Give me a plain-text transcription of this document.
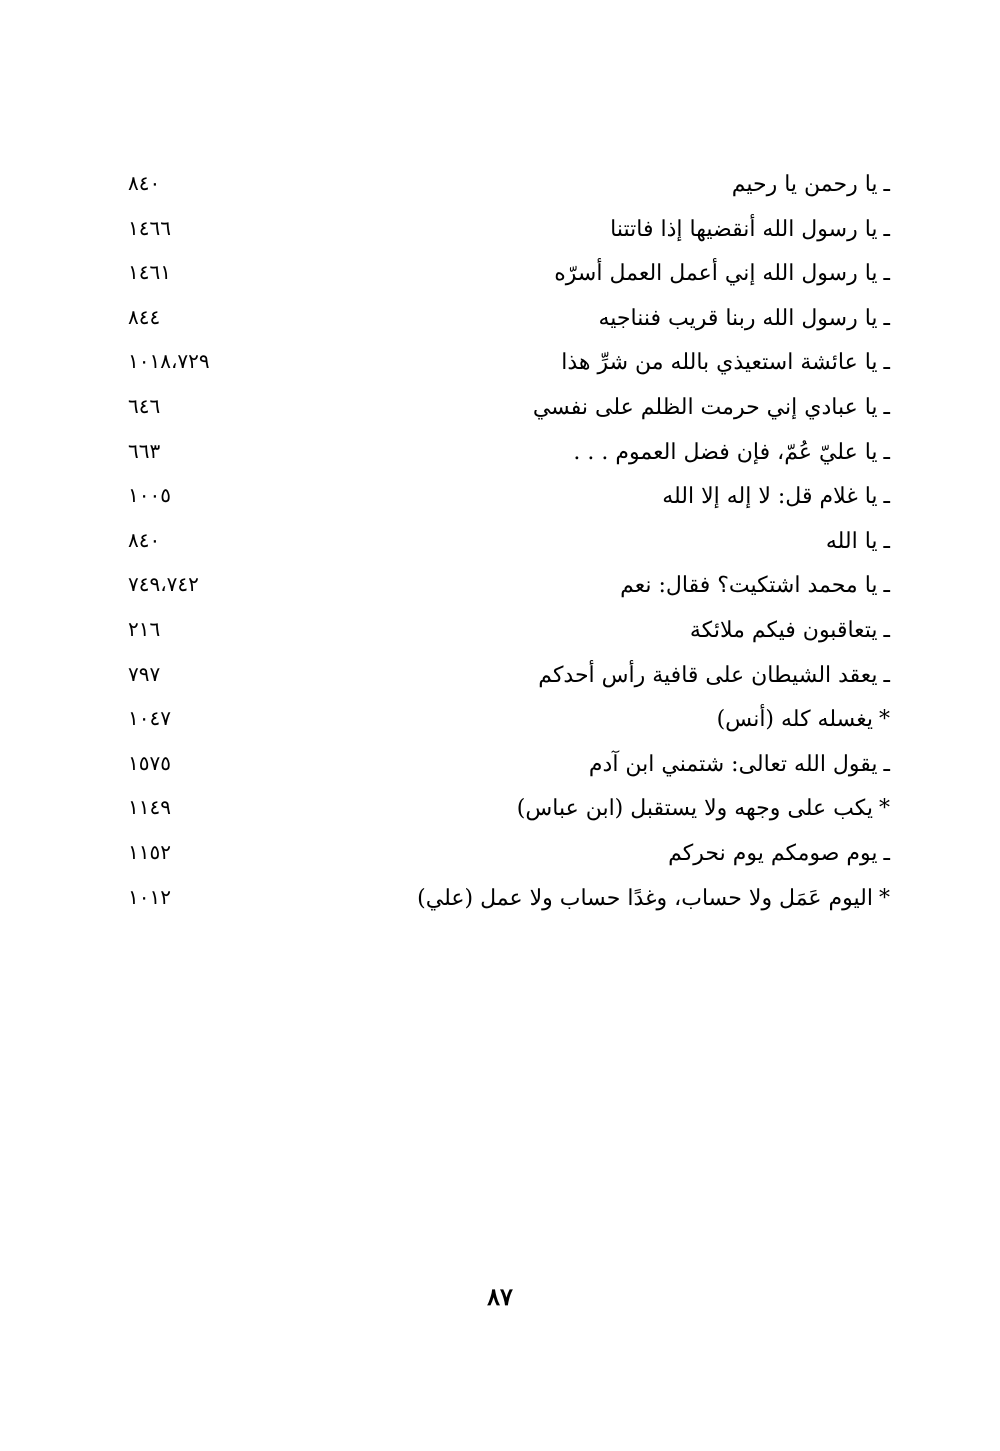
ـيا رحمن يا رحيم
٨٤٠
ـيا رسول الله أنقضيها إذا فاتتنا
١٤٦٦
ـيا رسول الله إني أعمل العمل أسرّه
١٤٦١
ـيا رسول الله ربنا قريب فنناجيه
٨٤٤
ـيا عائشة استعيذي بالله من شرِّ هذا
١٠١٨،٧٢٩
ـيا عبادي إني حرمت الظلم على نفسي
٦٤٦
ـيا عليّ عُمّ، فإن فضل العموم . . .
٦٦٣
ـيا غلام قل: لا إله إلا الله
١٠٠٥
ـيا الله
٨٤٠
ـيا محمد اشتكيت؟ فقال: نعم
٧٤٩،٧٤٢
ـيتعاقبون فيكم ملائكة
٢١٦
ـيعقد الشيطان على قافية رأس أحدكم
٧٩٧
*يغسله كله (أنس)
١٠٤٧
ـيقول الله تعالى: شتمني ابن آدم
١٥٧٥
*يكب على وجهه ولا يستقبل (ابن عباس)
١١٤٩
ـيوم صومكم يوم نحركم
١١٥٢
*اليوم عَمَل ولا حساب، وغدًا حساب ولا عمل (علي)
١٠١٢
٨٧
